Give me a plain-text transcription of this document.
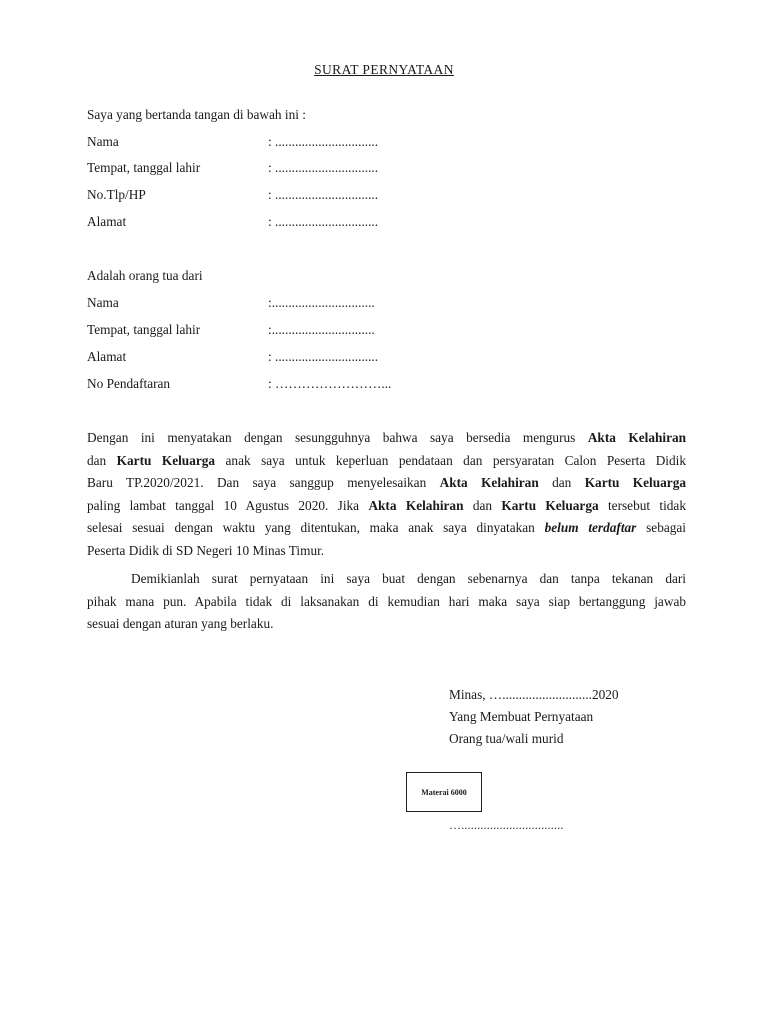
SURAT PERNYATAAN
Saya yang bertanda tangan di bawah ini :
Nama	: ...............................
Tempat, tanggal lahir	: ...............................
No.Tlp/HP	: ...............................
Alamat	: ...............................
Adalah orang tua dari
Nama	:...............................
Tempat, tanggal lahir	:...............................
Alamat	: ...............................
No Pendaftaran	: ……………………...
Dengan ini menyatakan dengan sesungguhnya bahwa saya bersedia mengurus Akta Kelahiran
dan Kartu Keluarga anak saya untuk keperluan pendataan dan persyaratan Calon Peserta Didik
Baru TP.2020/2021. Dan saya sanggup menyelesaikan Akta Kelahiran dan Kartu Keluarga
paling lambat tanggal 10 Agustus 2020. Jika Akta Kelahiran dan Kartu Keluarga tersebut tidak
selesai sesuai dengan waktu yang ditentukan, maka anak saya dinyatakan belum terdaftar sebagai
Peserta Didik di SD Negeri 10 Minas Timur.
Demikianlah surat pernyataan ini saya buat dengan sebenarnya dan tanpa tekanan dari
pihak mana pun. Apabila tidak di laksanakan di kemudian hari maka saya siap bertanggung jawab
sesuai dengan aturan yang berlaku.
Minas, …...........................2020
Yang Membuat Pernyataan
Orang tua/wali murid
Materai 6000
…................................
